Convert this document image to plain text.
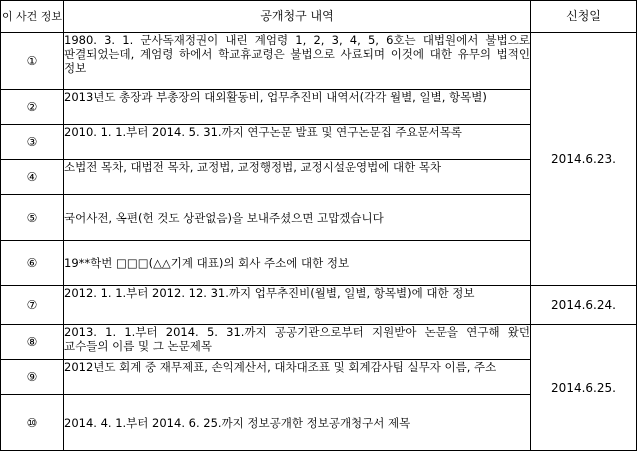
이 사건 정보	공개청구 내역	신청일
①	1980. 3. 1. 군사독재정권이 내린 계엄령 1, 2, 3, 4, 5, 6호는 대법원에서 불법으로 판결되었는데, 계엄령 하에서 학교휴교령은 불법으로 사료되며 이것에 대한 유무의 법적인 정보	2014.6.23.
②	2013년도 총장과 부총장의 대외활동비, 업무추진비 내역서(각각 월별, 일별, 항목별)	
③	2010. 1. 1.부터 2014. 5. 31.까지 연구논문 발표 및 연구논문집 주요문서목록	
④	소법전 목차, 대법전 목차, 교정법, 교정행정법, 교정시설운영법에 대한 목차	
⑤	국어사전, 옥편(헌 것도 상관없음)을 보내주셨으면 고맙겠습니다	
⑥	19**학번 □□□(△△기계 대표)의 회사 주소에 대한 정보	
⑦	2012. 1. 1.부터 2012. 12. 31.까지 업무추진비(월별, 일별, 항목별)에 대한 정보	2014.6.24.
⑧	2013. 1. 1.부터 2014. 5. 31.까지 공공기관으로부터 지원받아 논문을 연구해 왔던 교수들의 이름 및 그 논문제목	2014.6.25.
⑨	2012년도 회계 중 재무제표, 손익계산서, 대차대조표 및 회계감사팀 실무자 이름, 주소	
⑩	2014. 4. 1.부터 2014. 6. 25.까지 정보공개한 정보공개청구서 제목	
